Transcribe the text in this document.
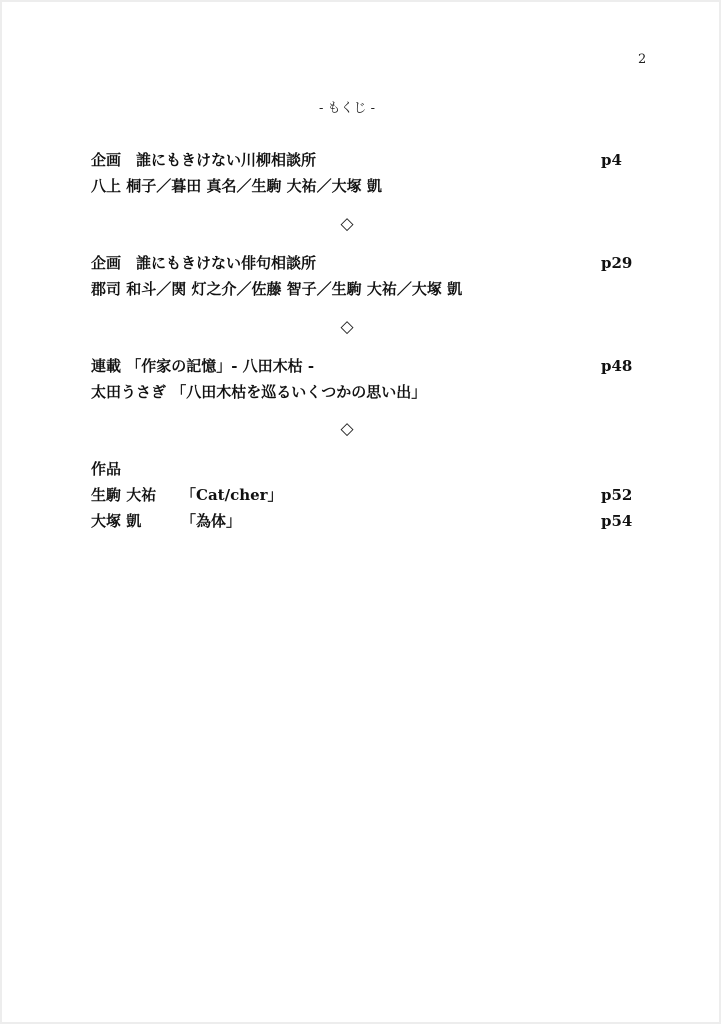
2
- もくじ -
企画　誰にもきけない川柳相談所	p4
八上 桐子／暮田 真名／生駒 大祐／大塚 凱
◇
企画　誰にもきけない俳句相談所	p29
郡司 和斗／関 灯之介／佐藤 智子／生駒 大祐／大塚 凱
◇
連載 「作家の記憶」- 八田木枯 -	p48
太田うさぎ 「八田木枯を巡るいくつかの思い出」
◇
作品
生駒 大祐 「Cat/cher」	p52
大塚 凱	「為体」	p54
